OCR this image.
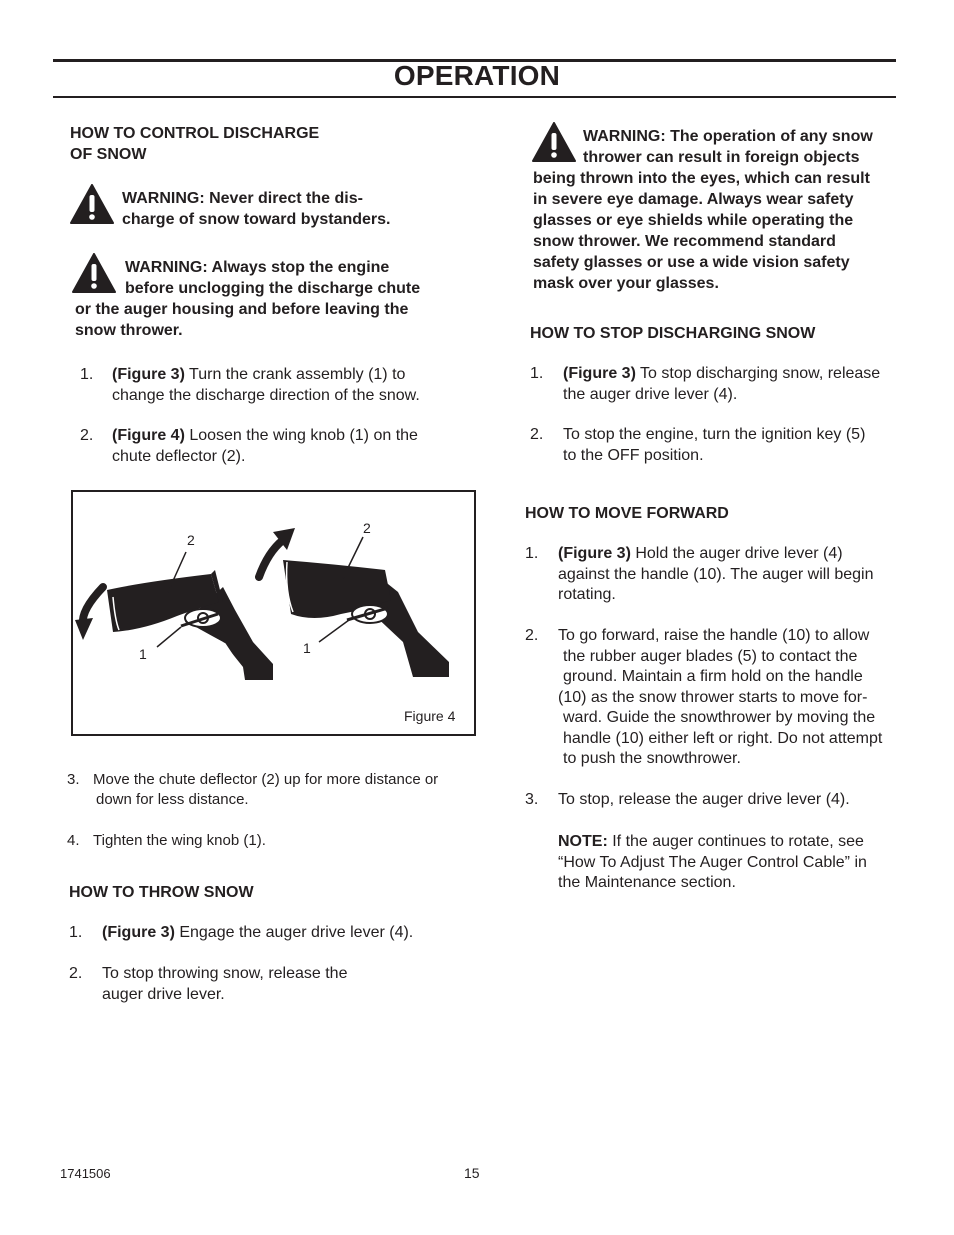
OPERATION
HOW TO CONTROL DISCHARGE
OF SNOW
WARNING: Never direct the dis-
charge of snow toward bystanders.
WARNING: Always stop the engine
before unclogging the discharge chute
or the auger housing and before leaving the
snow thrower.
1. (Figure 3) Turn the crank assembly (1) to
change the discharge direction of the snow.
2. (Figure 4) Loosen the wing knob (1) on the
chute deflector (2).
2
1
2
1
Figure 4
3. Move the chute deflector (2) up for more distance or
down for less distance.
4. Tighten the wing knob (1).
HOW TO THROW SNOW
1. (Figure 3) Engage the auger drive lever (4).
2. To stop throwing snow, release the
auger drive lever.
WARNING: The operation of any snow
thrower can result in foreign objects
being thrown into the eyes, which can result
in severe eye damage. Always wear safety
glasses or eye shields while operating the
snow thrower. We recommend standard
safety glasses or use a wide vision safety
mask over your glasses.
HOW TO STOP DISCHARGING SNOW
1. (Figure 3) To stop discharging snow, release
the auger drive lever (4).
2. To stop the engine, turn the ignition key (5)
to the OFF position.
HOW TO MOVE FORWARD
1. (Figure 3) Hold the auger drive lever (4)
against the handle (10). The auger will begin
rotating.
2. To go forward, raise the handle (10) to allow
the rubber auger blades (5) to contact the
ground. Maintain a firm hold on the handle
(10) as the snow thrower starts to move for-
ward. Guide the snowthrower by moving the
handle (10) either left or right. Do not attempt
to push the snowthrower.
3. To stop, release the auger drive lever (4).
NOTE: If the auger continues to rotate, see
“How To Adjust The Auger Control Cable” in
the Maintenance section.
1741506	15
